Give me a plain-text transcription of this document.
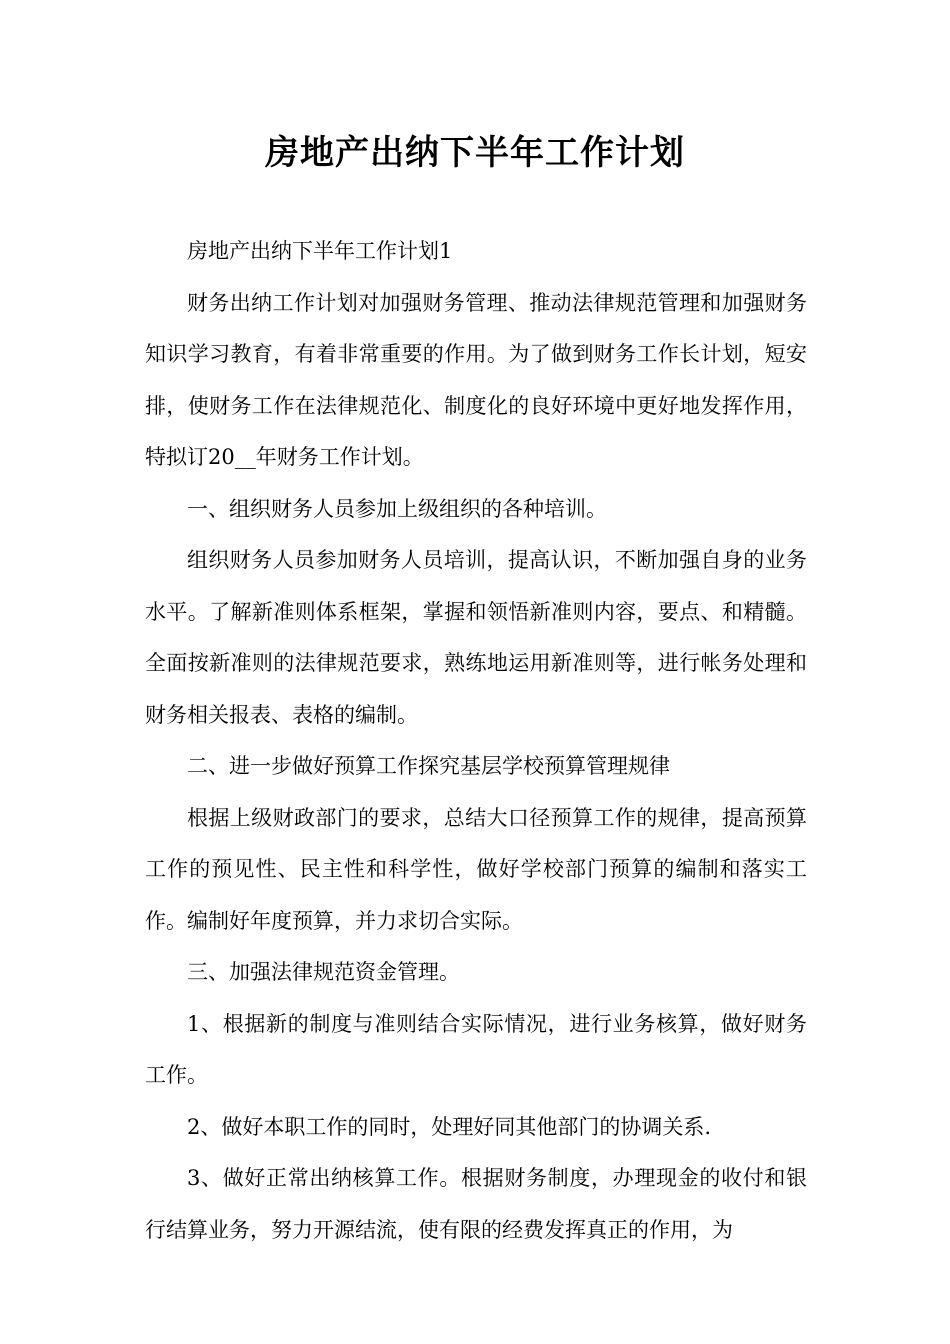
房地产出纳下半年工作计划

房地产出纳下半年工作计划1

财务出纳工作计划对加强财务管理、推动法律规范管理和加强财务知识学习教育，有着非常重要的作用。为了做到财务工作长计划，短安排，使财务工作在法律规范化、制度化的良好环境中更好地发挥作用，特拟订20__年财务工作计划。

一、组织财务人员参加上级组织的各种培训。

组织财务人员参加财务人员培训，提高认识，不断加强自身的业务水平。了解新准则体系框架，掌握和领悟新准则内容，要点、和精髓。全面按新准则的法律规范要求，熟练地运用新准则等，进行帐务处理和财务相关报表、表格的编制。

二、进一步做好预算工作探究基层学校预算管理规律

根据上级财政部门的要求，总结大口径预算工作的规律，提高预算工作的预见性、民主性和科学性，做好学校部门预算的编制和落实工作。编制好年度预算，并力求切合实际。

三、加强法律规范资金管理。

1、根据新的制度与准则结合实际情况，进行业务核算，做好财务工作。

2、做好本职工作的同时，处理好同其他部门的协调关系.

3、做好正常出纳核算工作。根据财务制度，办理现金的收付和银行结算业务，努力开源结流，使有限的经费发挥真正的作用，为
